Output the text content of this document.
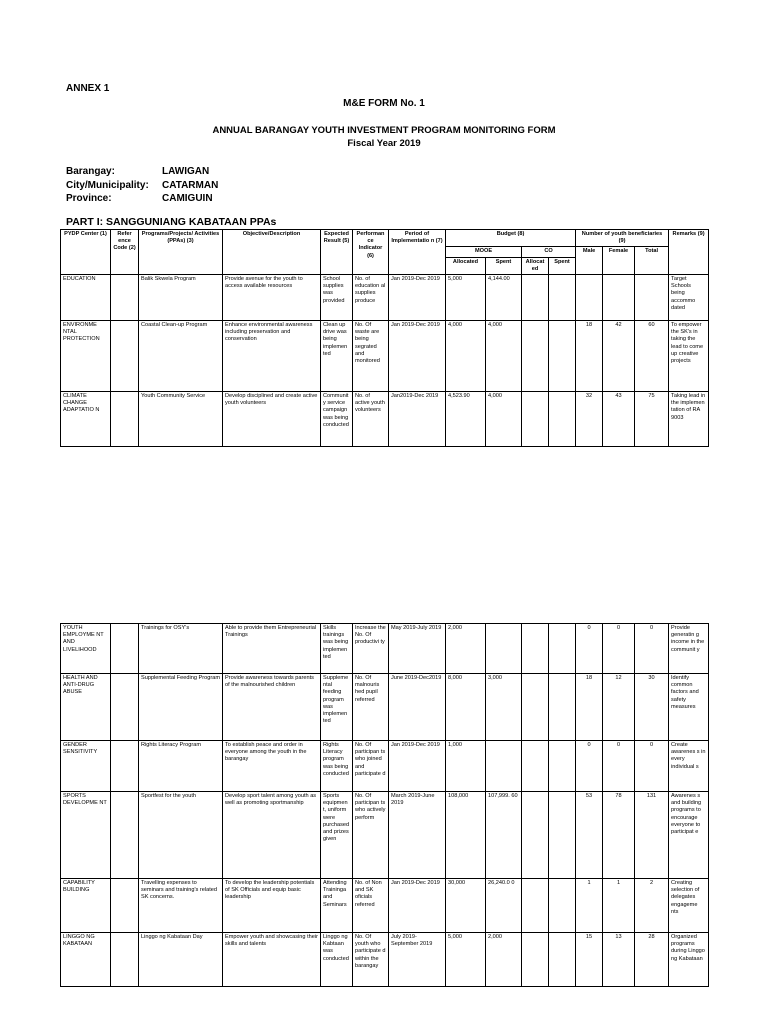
ANNEX 1
M&E FORM No. 1
ANNUAL BARANGAY YOUTH INVESTMENT PROGRAM MONITORING FORM
Fiscal Year 2019
Barangay:	LAWIGAN
City/Municipality:	CATARMAN
Province:	CAMIGUIN
PART I: SANGGUNIANG KABATAAN PPAs
PYDP Center (1)	Refer ence Code (2)	Programs/Projects/ Activities (PPAs) (3)	Objective/Description	Expected Result (5)	Performan ce Indicator (6)	Period of Implementatio n (7)	Budget (8)				Number of youth beneficiaries (9)			Remarks (9)
							MOOE		CO		Male	Female	Total	
							Allocated	Spent	Allocat ed	Spent				
EDUCATION		Balik Skwela Program	Provide avenue for the youth to access available resources	School supplies was provided	No. of education al supplies produce	Jan 2019-Dec 2019	5,000	4,144.00						Target Schools being accommo dated
ENVIRONME NTAL PROTECTION		Coastal Clean-up Program	Enhance environmental awareness including preservation and conservation	Clean up drive was being implemen ted	No. Of waste are being segrated and monitored	Jan 2019-Dec 2019	4,000	4,000			18	42	60	To empower the SK's in taking the lead to come up creative projects
CLIMATE CHANGE ADAPTATIO N		Youth Community Service	Develop disciplined and create active youth volunteers	Communit y service campaign was being conducted	No. of active youth volunteers	Jan2019-Dec 2019	4,523.90	4,000			32	43	75	Taking lead in the implemen tation of RA 9003
YOUTH EMPLOYME NT AND LIVELIHOOD		Trainings for OSY's	Able to provide them Entrepreneurial Trainings	Skills trainings was being implemen ted	Increase the No. Of productivi ty	May 2019-July 2019	2,000				0	0	0	Provide generatin g income in the communit y
HEALTH AND ANTI-DRUG ABUSE		Supplemental Feeding Program	Provide awareness towards parents of the malnourished children	Suppleme ntal feeding program was implemen ted	No. Of malnouris hed pupil referred	June 2019-Dec2019	8,000	3,000			18	12	30	Identify common factors and safety measures
GENDER SENSITIVITY		Rights Literacy Program	To establish peace and order in everyone among the youth in the barangay	Rights Literacy program was being conducted	No. Of participan ts who joined and participate d	Jan 2019-Dec 2019	1,000				0	0	0	Create awarenes s in every individual s
SPORTS DEVELOPME NT		Sportfest for the youth	Develop sport talent among youth as well as promoting sportmanship	Sports equipmen t, uniform were purchased and prizes given	No. Of participan ts who actively perform	March 2019-June 2019	108,000	107,999. 60			53	78	131	Awarenes s and building programs to encourage everyone to participat e
CAPABILITY BUILDING		Travelling expenses to seminars and training's related SK concerns.	To develop the leadership potentials of SK Officials and equip basic leadership	Attending Traininga and Seminars	No. of Non and SK oficials referred	Jan 2019-Dec 2019	30,000	26,240.0 0			1	1	2	Creating selection of delegates engageme nts
LINGGO NG KABATAAN		Linggo ng Kabataan Day	Empower youth and showcasing their skills and talents	Linggo ng Kabtaan was conducted	No. Of youth who participate d within the barangay	July 2019-September 2019	5,000	2,000			15	13	28	Organized programs during Linggo ng Kabataan
